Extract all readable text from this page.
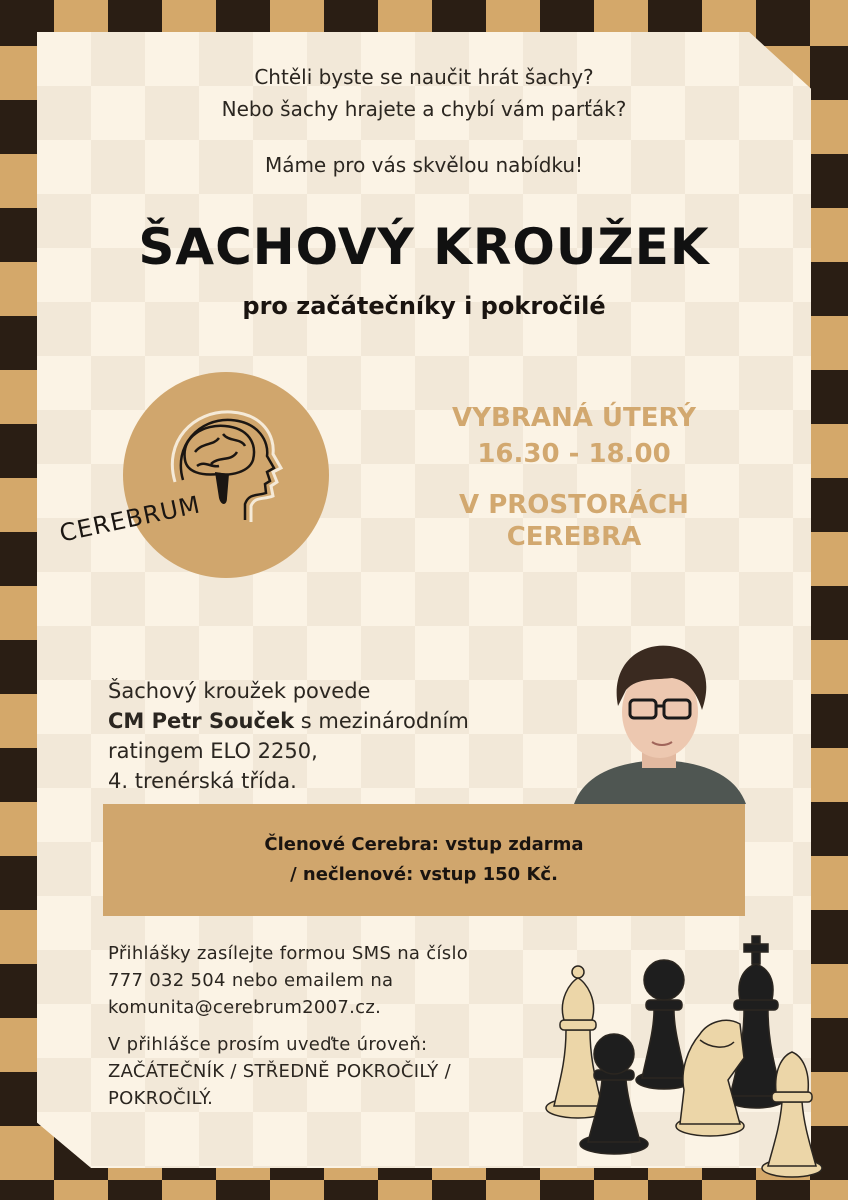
Chtěli byste se naučit hrát šachy?
Nebo šachy hrajete a chybí vám parťák?
Máme pro vás skvělou nabídku!
ŠACHOVÝ KROUŽEK
pro začátečníky i pokročilé
CEREBRUM
VYBRANÁ ÚTERÝ
16.30 - 18.00
V PROSTORÁCH
CEREBRA
Šachový kroužek povede
CM Petr Souček s mezinárodním
ratingem ELO 2250,
4. trenérská třída.
Členové Cerebra: vstup zdarma
/ nečlenové: vstup 150 Kč.
Přihlášky zasílejte formou SMS na číslo
777 032 504 nebo emailem na
komunita@cerebrum2007.cz.
V přihlášce prosím uveďte úroveň:
ZAČÁTEČNÍK / STŘEDNĚ POKROČILÝ /
POKROČILÝ.
